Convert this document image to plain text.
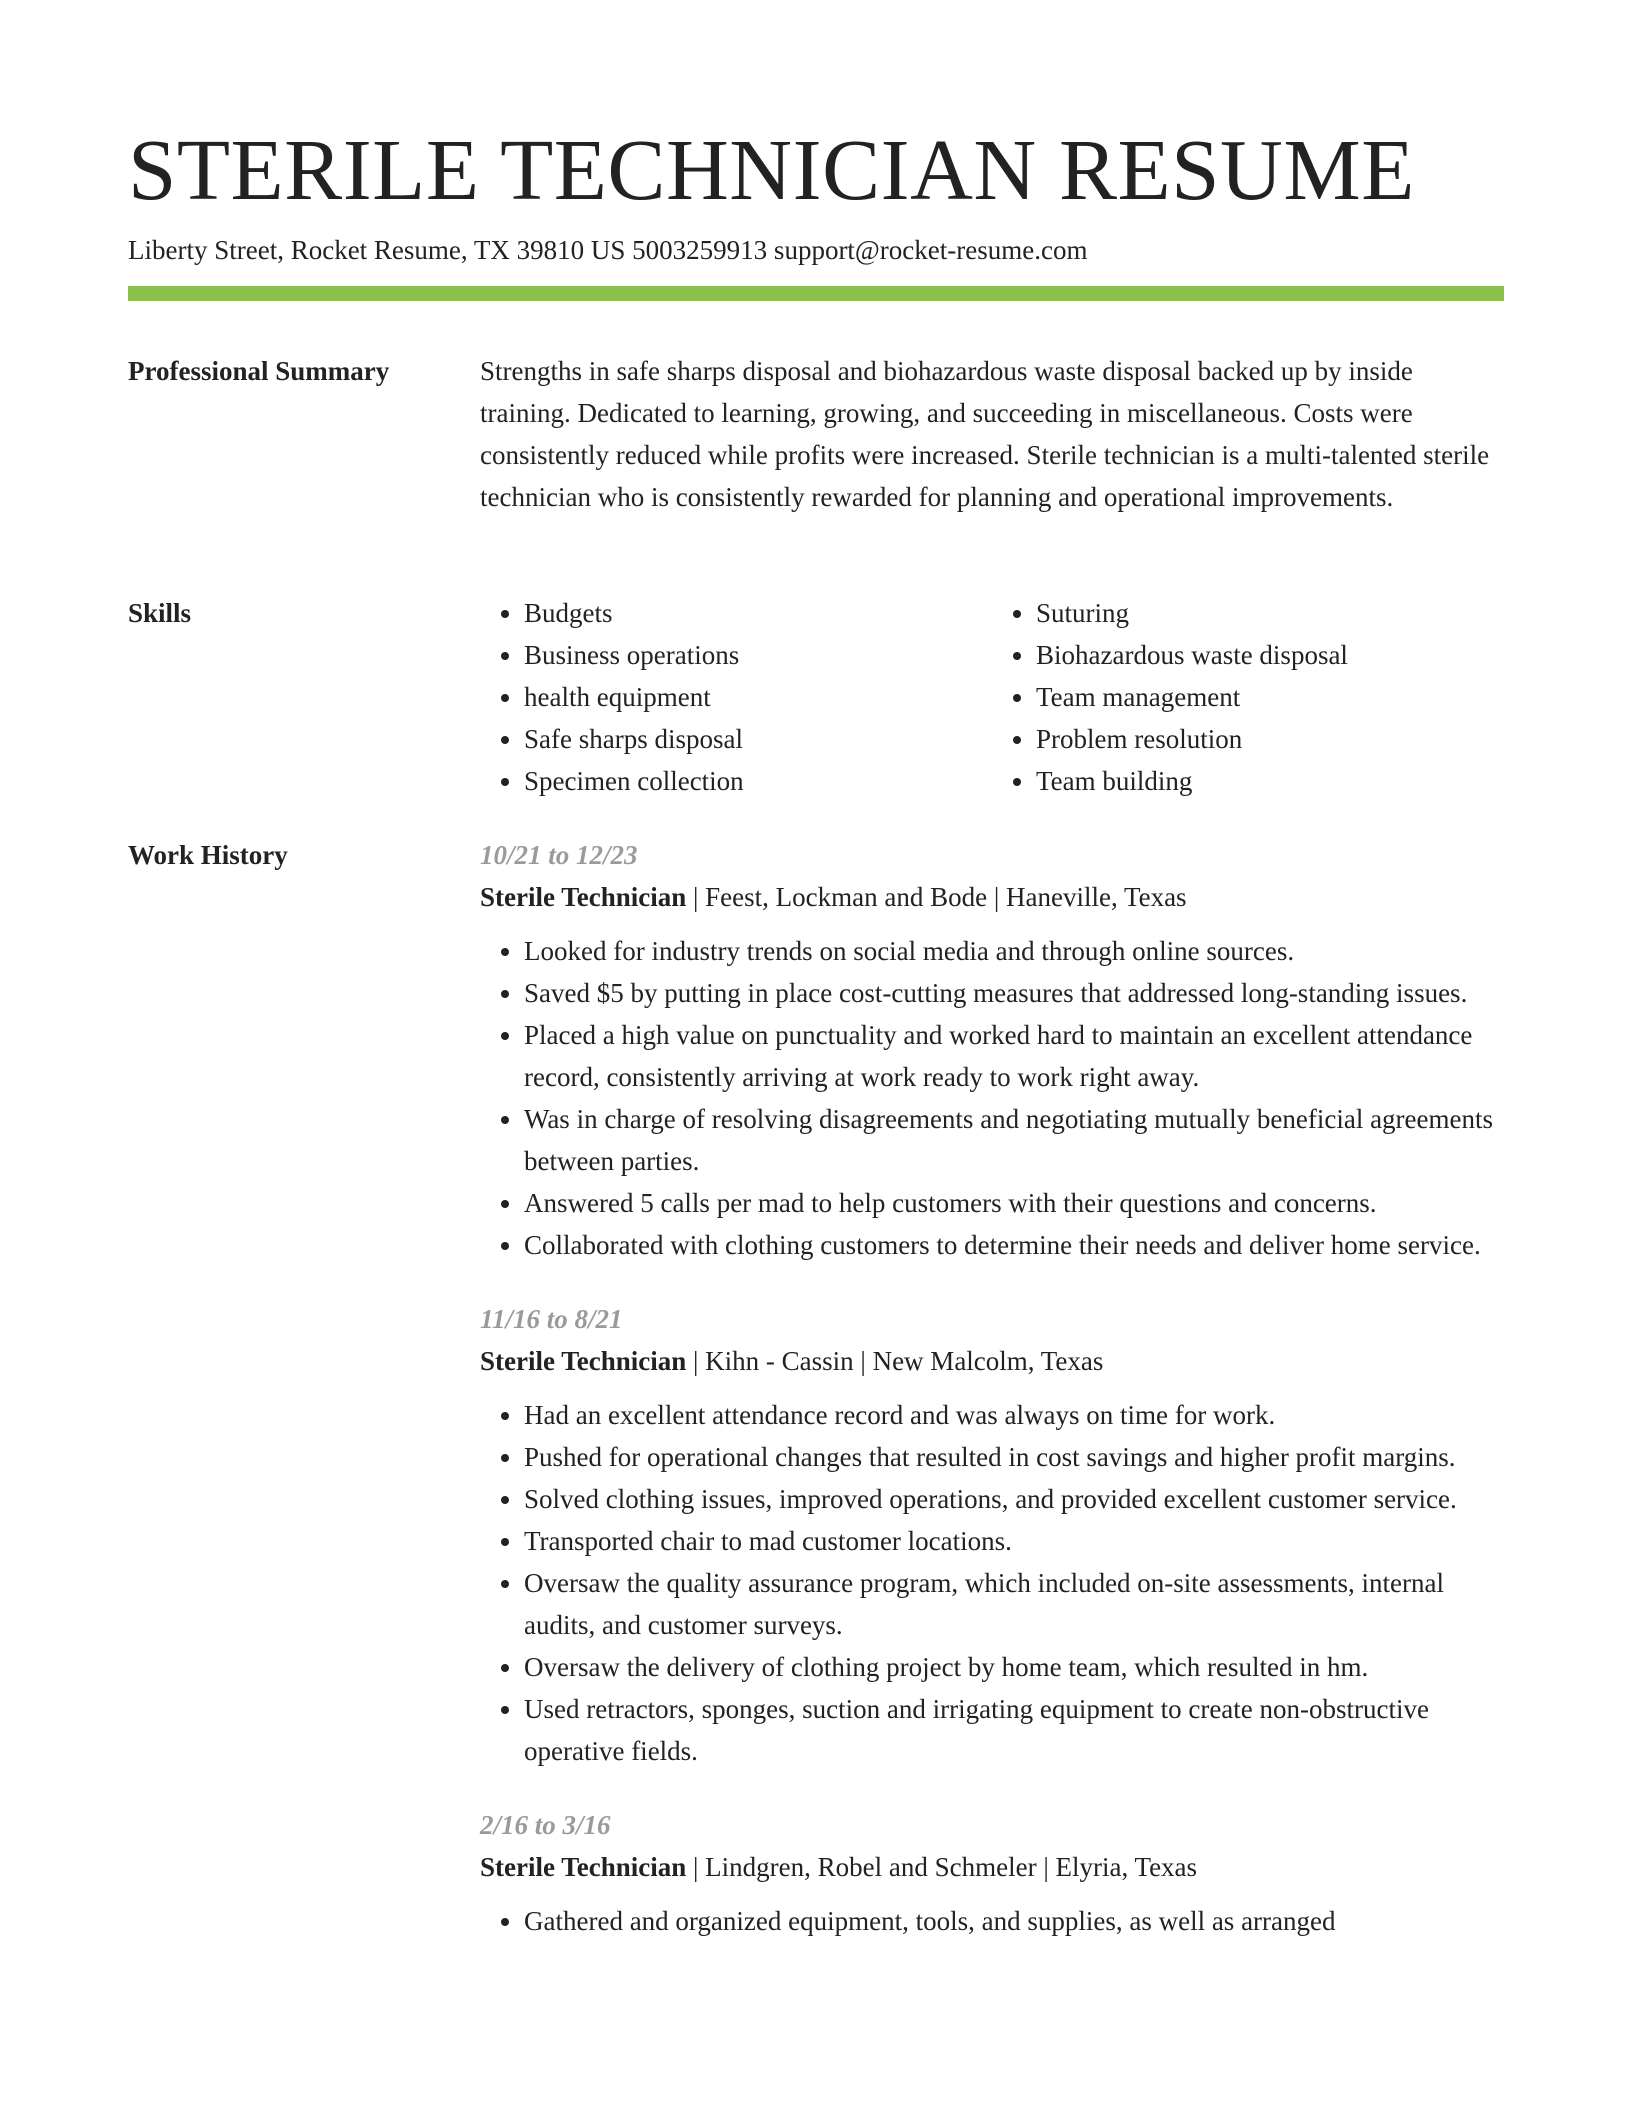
STERILE TECHNICIAN RESUME
Liberty Street, Rocket Resume, TX 39810 US 5003259913 support@rocket-resume.com
Professional Summary	Strengths in safe sharps disposal and biohazardous waste disposal backed up by inside training. Dedicated to learning, growing, and succeeding in miscellaneous. Costs were consistently reduced while profits were increased. Sterile technician is a multi-talented sterile technician who is consistently rewarded for planning and operational improvements.

Skills
•	Budgets
• Business operations
• health equipment
• Safe sharps disposal
• Specimen collection
• Suturing
• Biohazardous waste disposal
• Team management
• Problem resolution
• Team building
Work History	10/21 to 12/23
Sterile Technician | Feest, Lockman and Bode | Haneville, Texas
• Looked for industry trends on social media and through online sources.
• Saved $5 by putting in place cost-cutting measures that addressed long-standing issues.
• Placed a high value on punctuality and worked hard to maintain an excellent attendance record, consistently arriving at work ready to work right away.
• Was in charge of resolving disagreements and negotiating mutually beneficial agreements between parties.
• Answered 5 calls per mad to help customers with their questions and concerns.
• Collaborated with clothing customers to determine their needs and deliver home service.
11/16 to 8/21
Sterile Technician | Kihn - Cassin | New Malcolm, Texas
• Had an excellent attendance record and was always on time for work.
• Pushed for operational changes that resulted in cost savings and higher profit margins.
• Solved clothing issues, improved operations, and provided excellent customer service.
• Transported chair to mad customer locations.
• Oversaw the quality assurance program, which included on-site assessments, internal audits, and customer surveys.
• Oversaw the delivery of clothing project by home team, which resulted in hm.
• Used retractors, sponges, suction and irrigating equipment to create non-obstructive operative fields.
2/16 to 3/16
Sterile Technician | Lindgren, Robel and Schmeler | Elyria, Texas
• Gathered and organized equipment, tools, and supplies, as well as arranged
